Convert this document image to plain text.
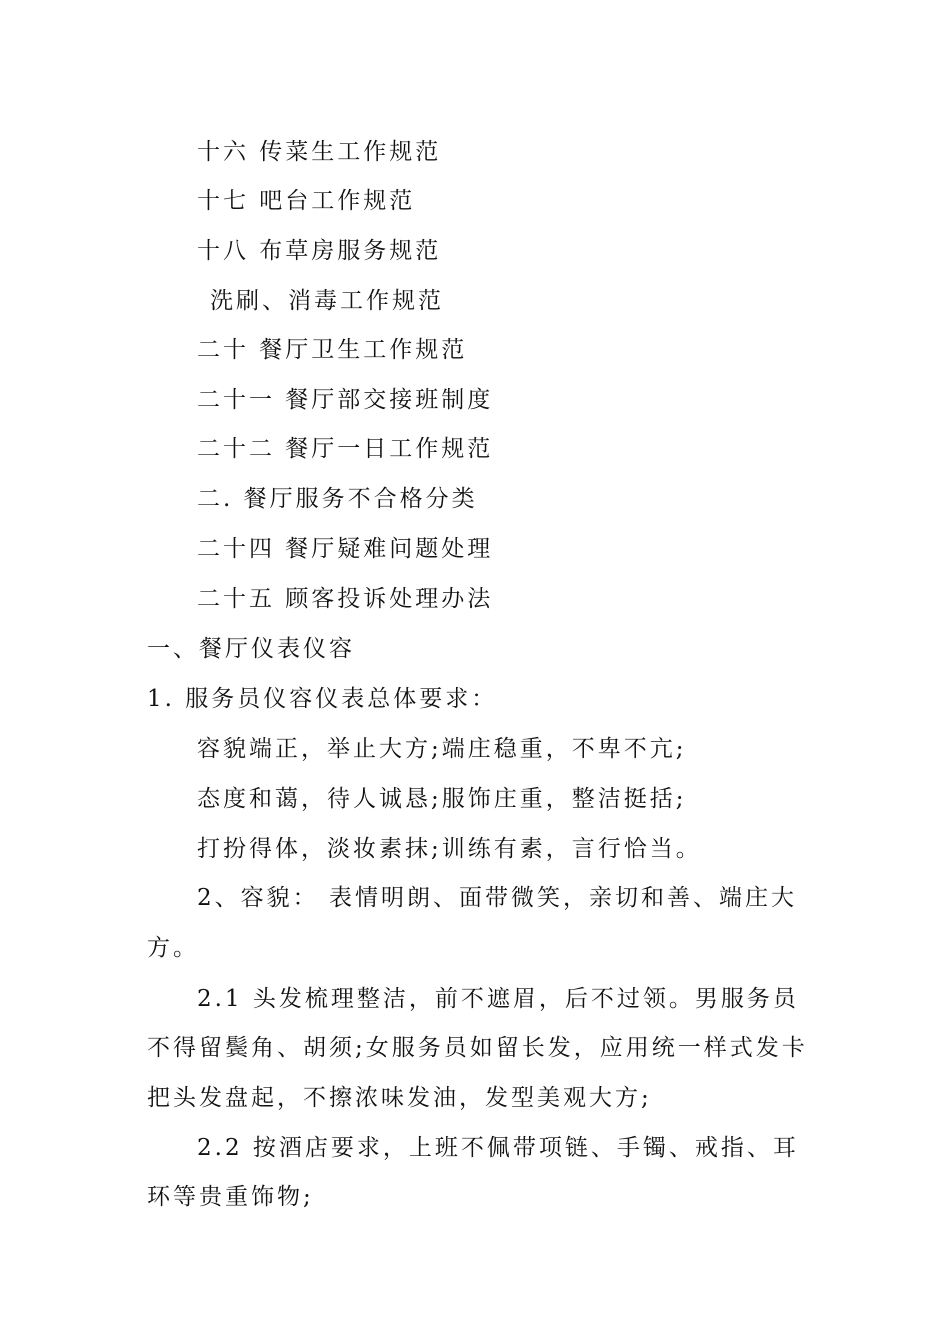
十六 传菜生工作规范
十七 吧台工作规范
十八 布草房服务规范
洗刷、消毒工作规范
二十 餐厅卫生工作规范
二十一 餐厅部交接班制度
二十二 餐厅一日工作规范
二. 餐厅服务不合格分类
二十四 餐厅疑难问题处理
二十五 顾客投诉处理办法
一、餐厅仪表仪容
1. 服务员仪容仪表总体要求：
容貌端正，举止大方;端庄稳重，不卑不亢;
态度和蔼，待人诚恳;服饰庄重，整洁挺括;
打扮得体，淡妆素抹;训练有素，言行恰当。
2、容貌： 表情明朗、面带微笑，亲切和善、端庄大
方。
2.1 头发梳理整洁，前不遮眉，后不过领。男服务员
不得留鬓角、胡须;女服务员如留长发，应用统一样式发卡
把头发盘起，不擦浓味发油，发型美观大方;
2.2 按酒店要求，上班不佩带项链、手镯、戒指、耳
环等贵重饰物;
